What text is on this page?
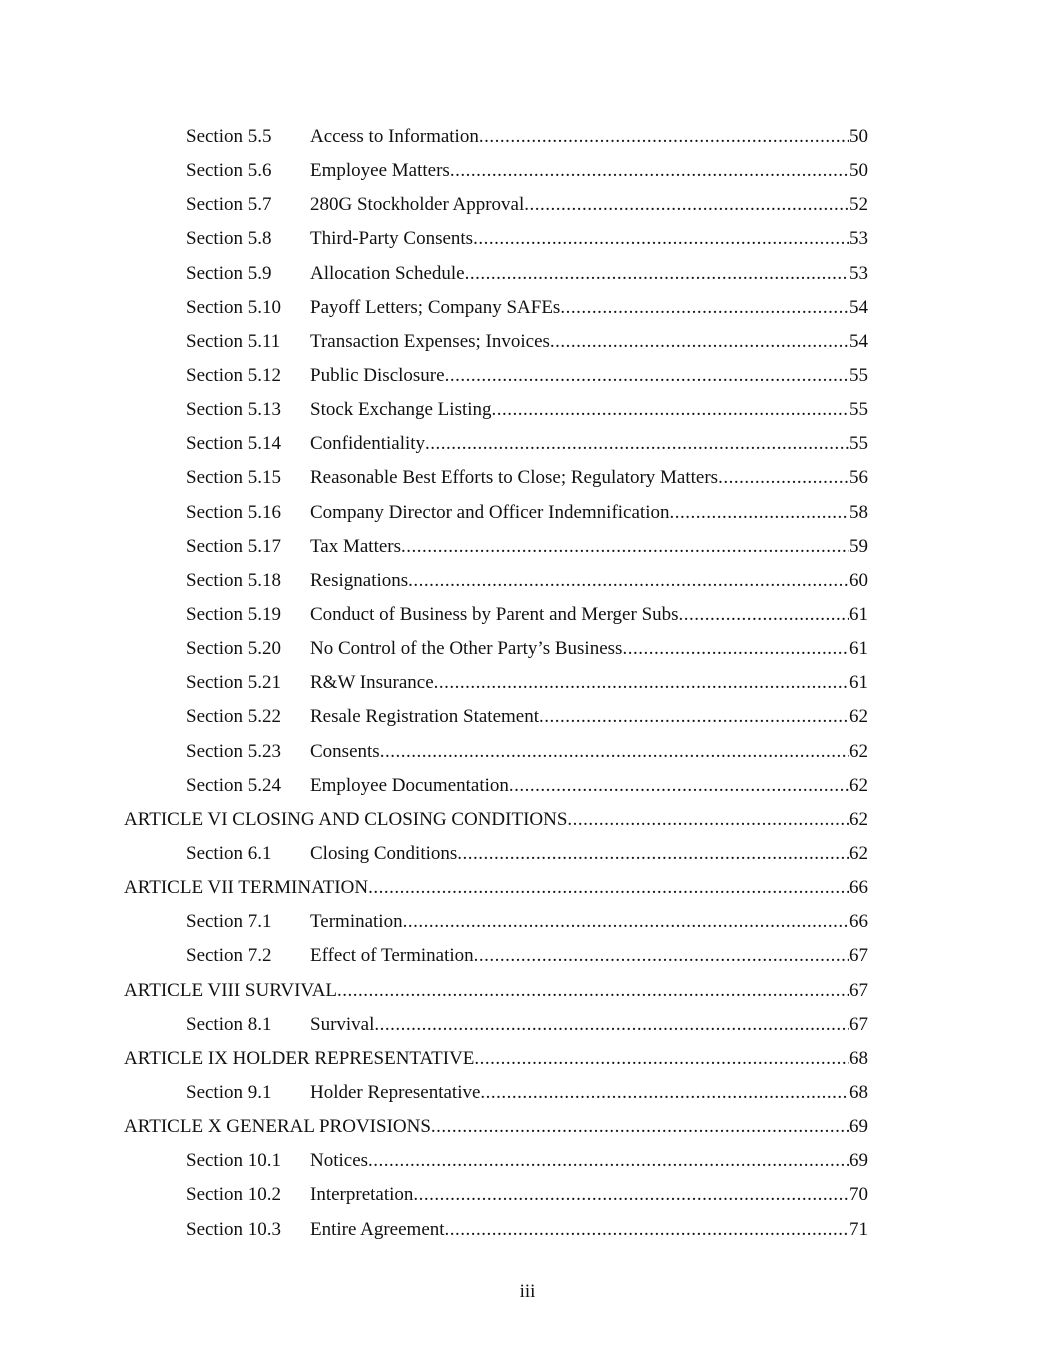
Section 5.5	Access to Information .....	50
Section 5.6	Employee Matters .....	50
Section 5.7	280G Stockholder Approval .....	52
Section 5.8	Third-Party Consents .....	53
Section 5.9	Allocation Schedule .....	53
Section 5.10	Payoff Letters; Company SAFEs .....	54
Section 5.11	Transaction Expenses; Invoices .....	54
Section 5.12	Public Disclosure .....	55
Section 5.13	Stock Exchange Listing .....	55
Section 5.14	Confidentiality .....	55
Section 5.15	Reasonable Best Efforts to Close; Regulatory Matters .....	56
Section 5.16	Company Director and Officer Indemnification .....	58
Section 5.17	Tax Matters .....	59
Section 5.18	Resignations .....	60
Section 5.19	Conduct of Business by Parent and Merger Subs .....	61
Section 5.20	No Control of the Other Party’s Business .....	61
Section 5.21	R&W Insurance .....	61
Section 5.22	Resale Registration Statement .....	62
Section 5.23	Consents .....	62
Section 5.24	Employee Documentation .....	62
ARTICLE VI CLOSING AND CLOSING CONDITIONS .....	62
Section 6.1	Closing Conditions .....	62
ARTICLE VII TERMINATION .....	66
Section 7.1	Termination .....	66
Section 7.2	Effect of Termination .....	67
ARTICLE VIII SURVIVAL .....	67
Section 8.1	Survival .....	67
ARTICLE IX HOLDER REPRESENTATIVE .....	68
Section 9.1	Holder Representative .....	68
ARTICLE X GENERAL PROVISIONS .....	69
Section 10.1	Notices .....	69
Section 10.2	Interpretation .....	70
Section 10.3	Entire Agreement .....	71
iii
